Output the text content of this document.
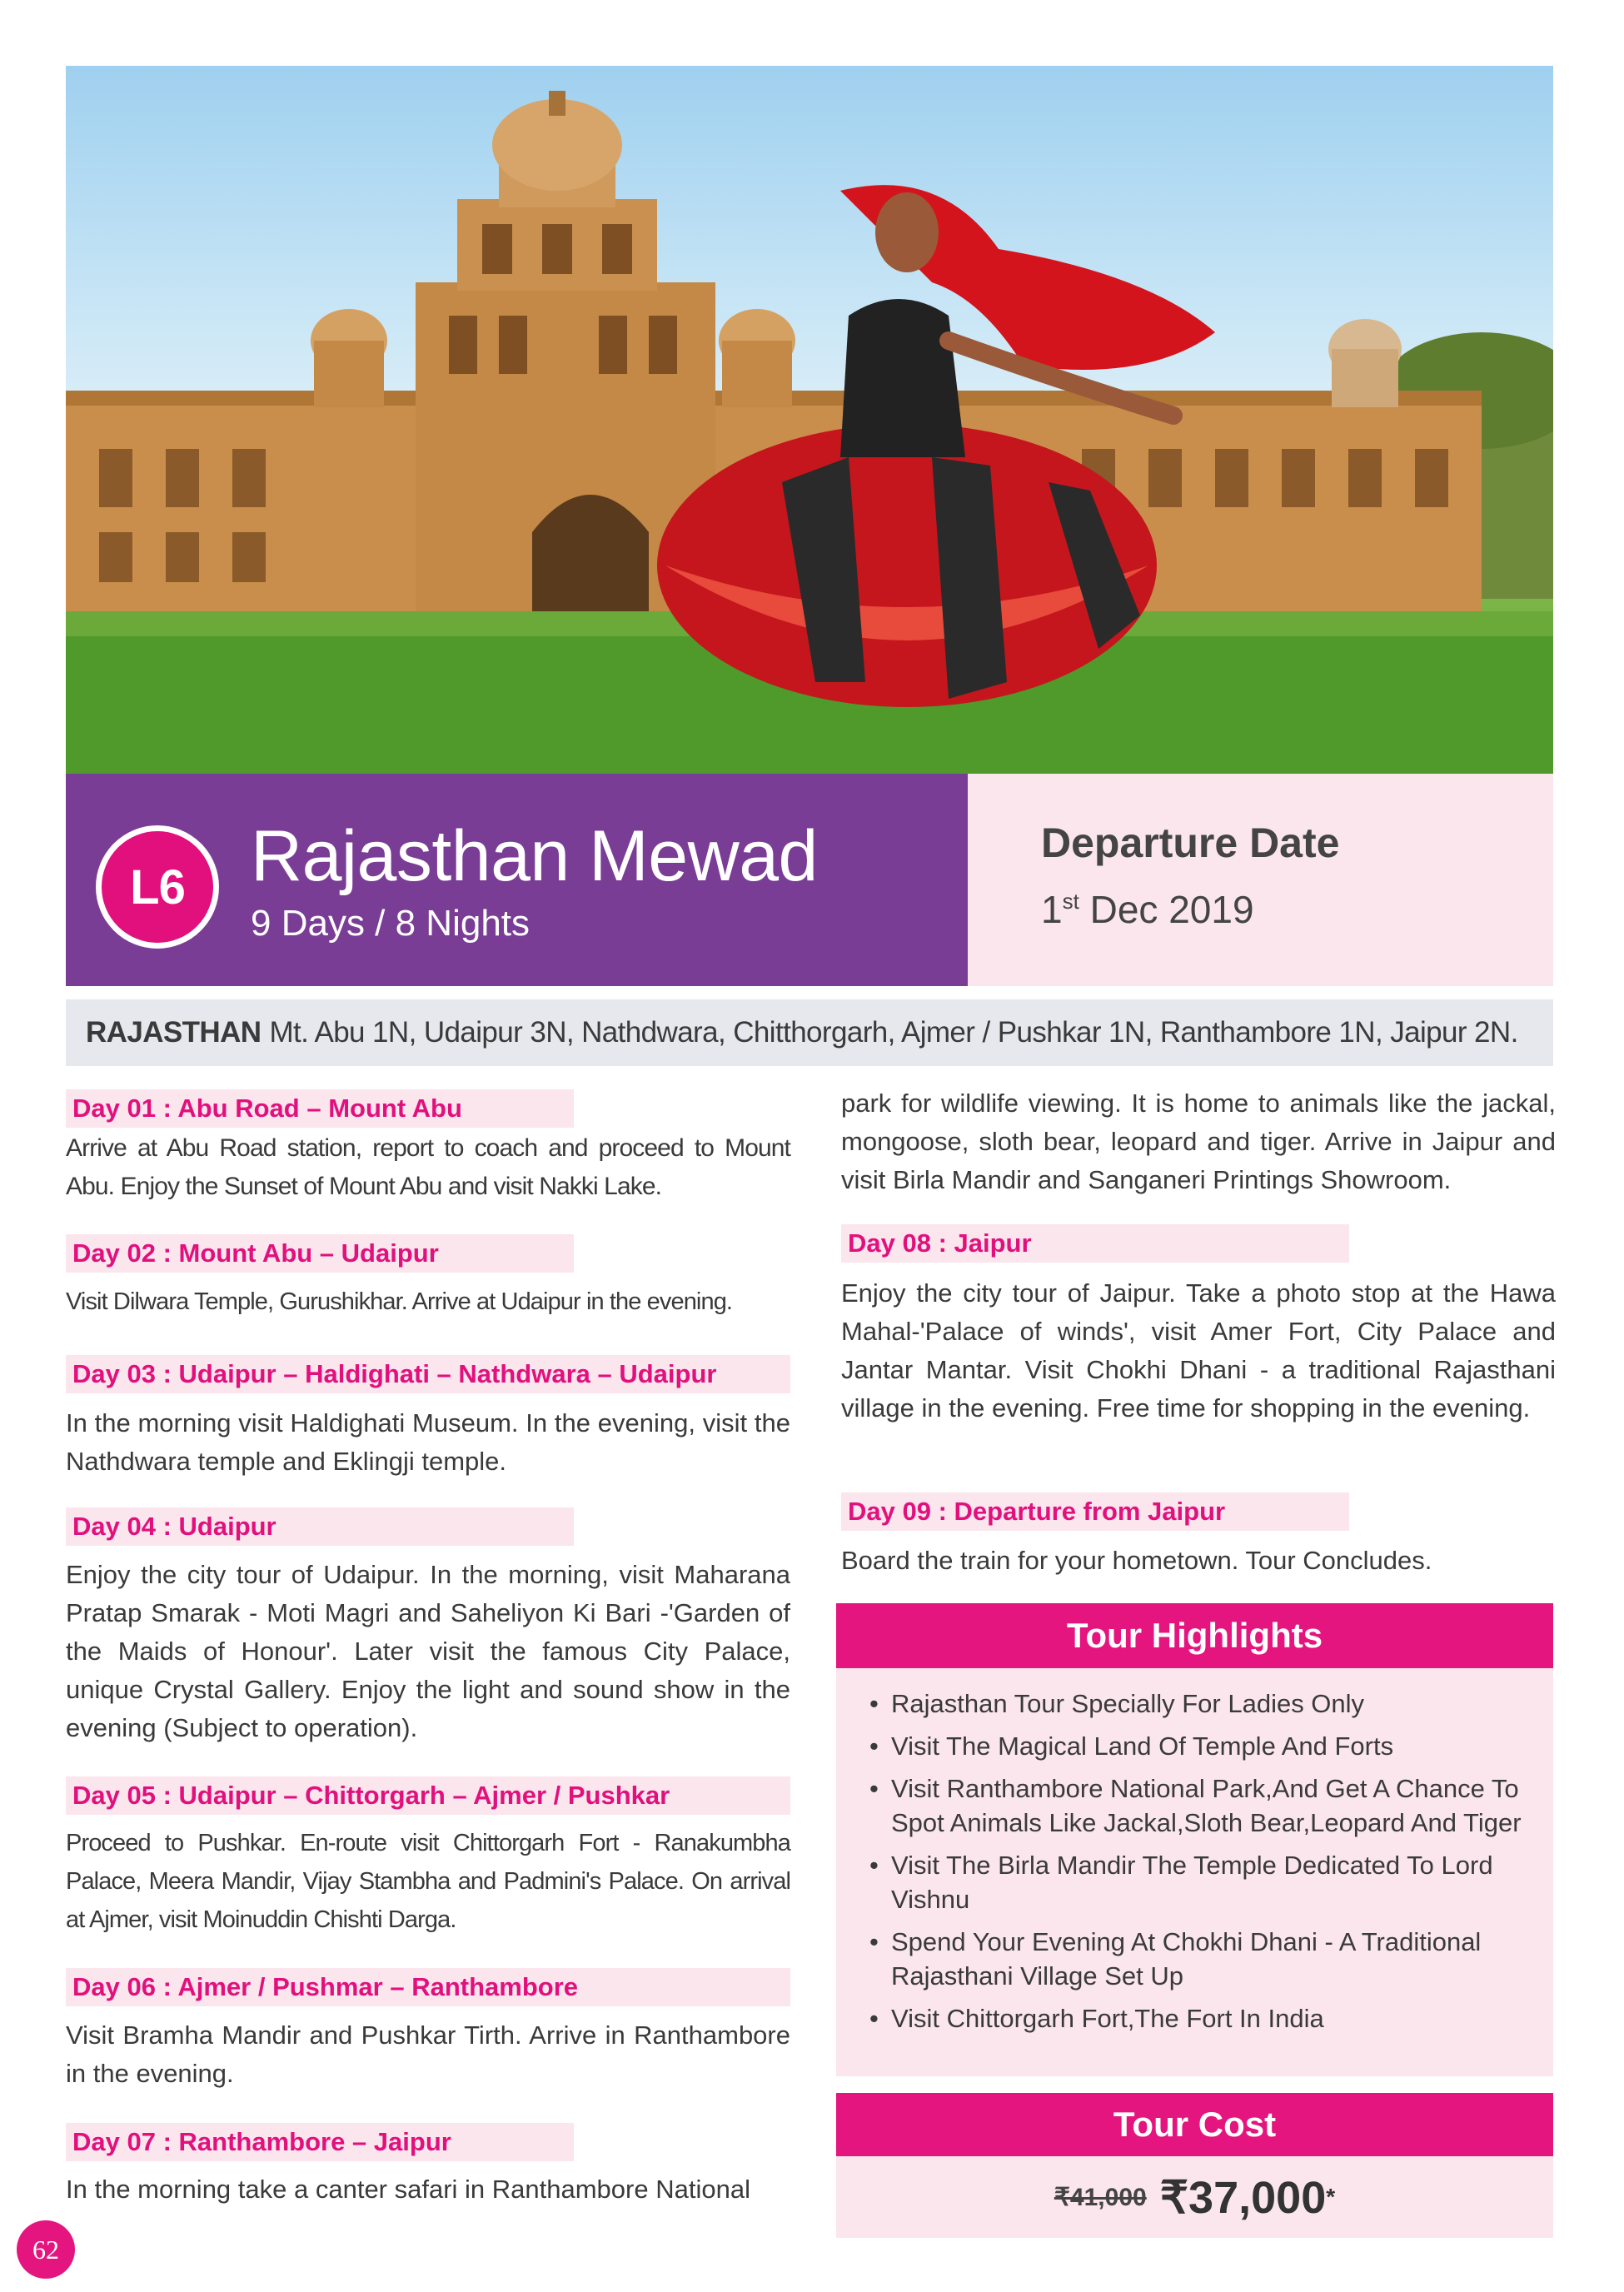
L6 Rajasthan Mewad
9 Days / 8 Nights
Departure Date
1st Dec 2019
RAJASTHAN Mt. Abu 1N, Udaipur 3N, Nathdwara, Chitthorgarh, Ajmer / Pushkar 1N, Ranthambore 1N, Jaipur 2N.
Day 01 : Abu Road – Mount Abu
Arrive at Abu Road station, report to coach and proceed to Mount Abu. Enjoy the Sunset of Mount Abu and visit Nakki Lake.
Day 02 : Mount Abu – Udaipur
Visit Dilwara Temple, Gurushikhar. Arrive at Udaipur in the evening.
Day 03 : Udaipur – Haldighati – Nathdwara – Udaipur
In the morning visit Haldighati Museum. In the evening, visit the Nathdwara temple and Eklingji temple.
Day 04 : Udaipur
Enjoy the city tour of Udaipur. In the morning, visit Maharana Pratap Smarak - Moti Magri and Saheliyon Ki Bari -'Garden of the Maids of Honour'. Later visit the famous City Palace, unique Crystal Gallery. Enjoy the light and sound show in the evening (Subject to operation).
Day 05 : Udaipur – Chittorgarh – Ajmer / Pushkar
Proceed to Pushkar. En-route visit Chittorgarh Fort - Ranakumbha Palace, Meera Mandir, Vijay Stambha and Padmini's Palace. On arrival at Ajmer, visit Moinuddin Chishti Darga.
Day 06 : Ajmer / Pushmar – Ranthambore
Visit Bramha Mandir and Pushkar Tirth. Arrive in Ranthambore in the evening.
Day 07 : Ranthambore – Jaipur
In the morning take a canter safari in Ranthambore National
park for wildlife viewing. It is home to animals like the jackal, mongoose, sloth bear, leopard and tiger. Arrive in Jaipur and visit Birla Mandir and Sanganeri Printings Showroom.
Day 08 : Jaipur
Enjoy the city tour of Jaipur. Take a photo stop at the Hawa Mahal-'Palace of winds', visit Amer Fort, City Palace and Jantar Mantar. Visit Chokhi Dhani - a traditional Rajasthani village in the evening. Free time for shopping in the evening.
Day 09 : Departure from Jaipur
Board the train for your hometown. Tour Concludes.
Tour Highlights
• Rajasthan Tour Specially For Ladies Only
• Visit The Magical Land Of Temple And Forts
• Visit Ranthambore National Park,And Get A Chance To Spot Animals Like Jackal,Sloth Bear,Leopard And Tiger
• Visit The Birla Mandir The Temple Dedicated To Lord Vishnu
• Spend Your Evening At Chokhi Dhani - A Traditional Rajasthani Village Set Up
• Visit Chittorgarh Fort,The Fort In India
Tour Cost
₹41,000 ₹37,000 *
62
